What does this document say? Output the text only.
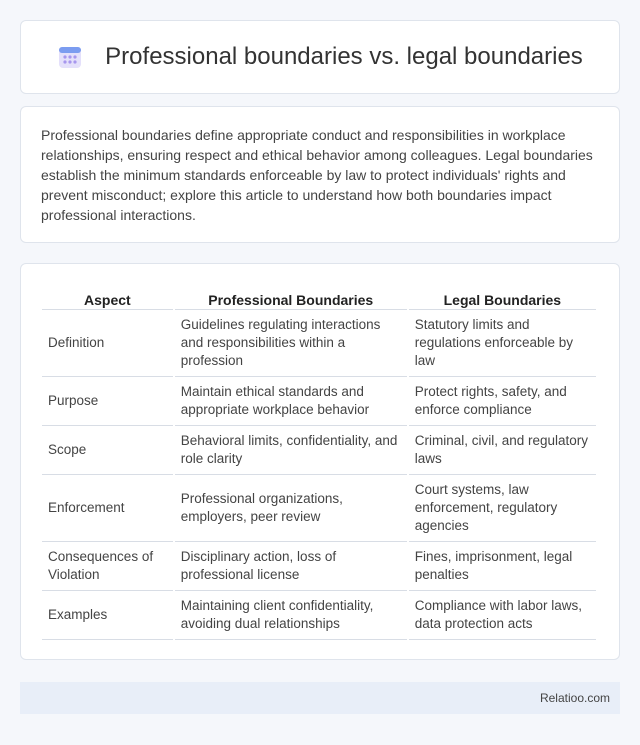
Professional boundaries vs. legal boundaries

Professional boundaries define appropriate conduct and responsibilities in workplace relationships, ensuring respect and ethical behavior among colleagues. Legal boundaries establish the minimum standards enforceable by law to protect individuals' rights and prevent misconduct; explore this article to understand how both boundaries impact professional interactions.

Aspect	Professional Boundaries	Legal Boundaries
Definition	Guidelines regulating interactions and responsibilities within a profession	Statutory limits and regulations enforceable by law
Purpose	Maintain ethical standards and appropriate workplace behavior	Protect rights, safety, and enforce compliance
Scope	Behavioral limits, confidentiality, and role clarity	Criminal, civil, and regulatory laws
Enforcement	Professional organizations, employers, peer review	Court systems, law enforcement, regulatory agencies
Consequences of Violation	Disciplinary action, loss of professional license	Fines, imprisonment, legal penalties
Examples	Maintaining client confidentiality, avoiding dual relationships	Compliance with labor laws, data protection acts
Relatioo.com
